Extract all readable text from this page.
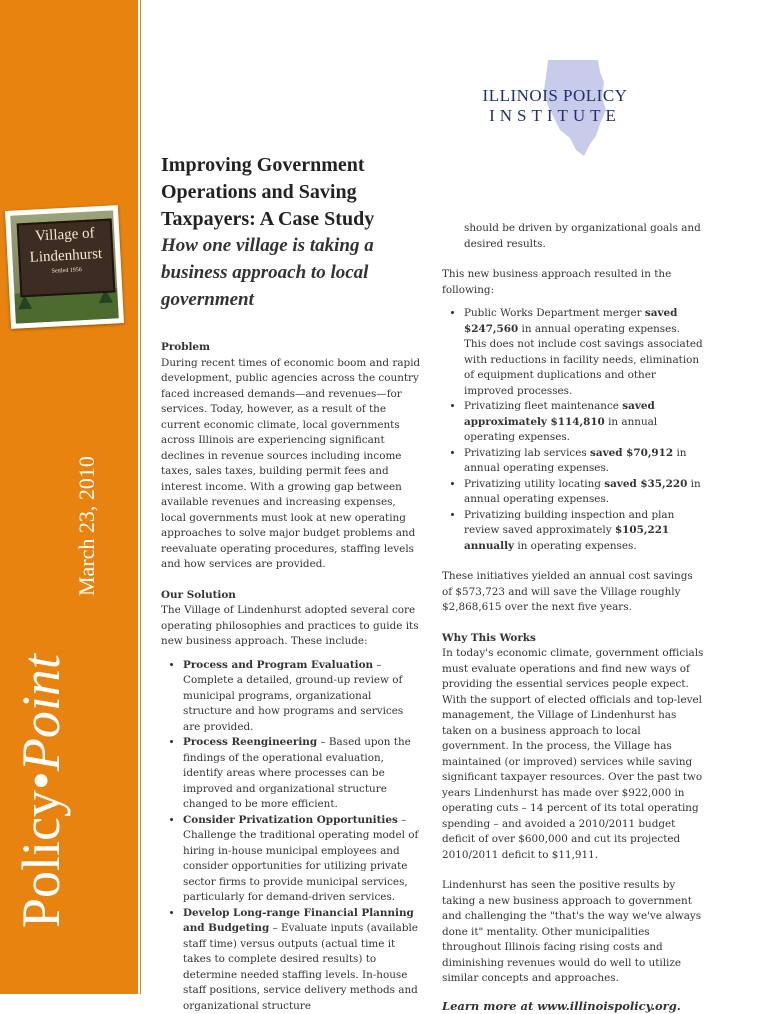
Policy•Point
March 23, 2010
Village of
Lindenhurst
Settled 1956
ILLINOIS POLICY
INSTITUTE
Improving Government Operations and Saving Taxpayers: A Case Study
How one village is taking a business approach to local government

Problem

During recent times of economic boom and rapid development, public agencies across the country faced increased demands—and revenues—for services. Today, however, as a result of the current economic climate, local governments across Illinois are experiencing significant declines in revenue sources including income taxes, sales taxes, building permit fees and interest income. With a growing gap between available revenues and increasing expenses, local governments must look at new operating approaches to solve major budget problems and reevaluate operating procedures, staffing levels and how services are provided.

Our Solution

The Village of Lindenhurst adopted several core operating philosophies and practices to guide its new business approach. These include:

• Process and Program Evaluation – Complete a detailed, ground-up review of municipal programs, organizational structure and how programs and services are provided.
• Process Reengineering – Based upon the findings of the operational evaluation, identify areas where processes can be improved and organizational structure changed to be more efficient.
• Consider Privatization Opportunities – Challenge the traditional operating model of hiring in-house municipal employees and consider opportunities for utilizing private sector firms to provide municipal services, particularly for demand-driven services.
• Develop Long-range Financial Planning and Budgeting – Evaluate inputs (available staff time) versus outputs (actual time it takes to complete desired results) to determine needed staffing levels. In-house staff positions, service delivery methods and organizational structure

should be driven by organizational goals and desired results.

This new business approach resulted in the following:

• Public Works Department merger saved $247,560 in annual operating expenses. This does not include cost savings associated with reductions in facility needs, elimination of equipment duplications and other improved processes.
• Privatizing fleet maintenance saved approximately $114,810 in annual operating expenses.
• Privatizing lab services saved $70,912 in annual operating expenses.
• Privatizing utility locating saved $35,220 in annual operating expenses.
• Privatizing building inspection and plan review saved approximately $105,221 annually in operating expenses.

These initiatives yielded an annual cost savings of $573,723 and will save the Village roughly $2,868,615 over the next five years.

Why This Works

In today's economic climate, government officials must evaluate operations and find new ways of providing the essential services people expect. With the support of elected officials and top-level management, the Village of Lindenhurst has taken on a business approach to local government. In the process, the Village has maintained (or improved) services while saving significant taxpayer resources. Over the past two years Lindenhurst has made over $922,000 in operating cuts – 14 percent of its total operating spending – and avoided a 2010/2011 budget deficit of over $600,000 and cut its projected 2010/2011 deficit to $11,911.

Lindenhurst has seen the positive results by taking a new business approach to government and challenging the "that's the way we've always done it" mentality. Other municipalities throughout Illinois facing rising costs and diminishing revenues would do well to utilize similar concepts and approaches.

Learn more at www.illinoispolicy.org.
